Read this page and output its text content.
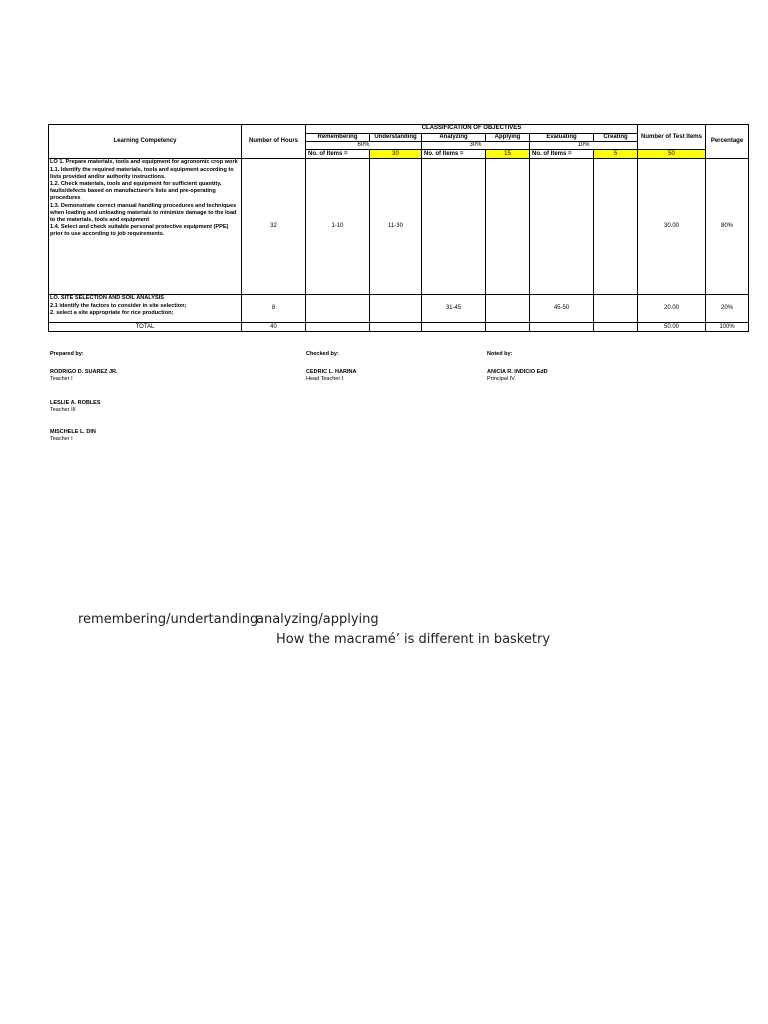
Learning Competency	Number of Hours	CLASSIFICATION OF OBJECTIVES						Number of Test Items	Percentage
		Remembering	Understanding	Analyzing	Applying	Evaluating	Creating		
		60%		30%		10%			
		No. of Items =	30	No. of Items =	15	No. of Items =	5	50	
LO 1. Prepare materials, tools and equipment for agronomic crop work
1.1. Identify the required materials, tools and equipment according to lists provided and/or authority instructions.
1.2. Check materials, tools and equipment for sufficient quantity, faults/defects based on manufacturer's lists and pre-operating procedures
1.3. Demonstrate correct manual handling procedures and techniques when loading and unloading materials to minimize damage to the load to the materials, tools and equipment
1.4. Select and check suitable personal protective equipment (PPE) prior to use according to job requirements.	32	1-10	11-30					30.00	80%
LO. SITE SELECTION AND SOIL ANALYSIS
2.1 identify the factors to consider in site selection;
2. select a site appropriate for rice production;	8			31-45		45-50		20.00	20%
TOTAL	40							50.00	100%
Prepared by:	Checked by:	Noted by:
RODRIGO D. SUAREZ JR.
Teacher I
CEDRIC L. HARINA
Head Teacher I
ANICIA R. INDICIO EdD
Principal IV
LESLIE A. ROBLES
Teacher III
MISCHELE L. DIN
Teacher I
remembering/undertanding
analyzing/applying
How the macramé’ is different in basketry
